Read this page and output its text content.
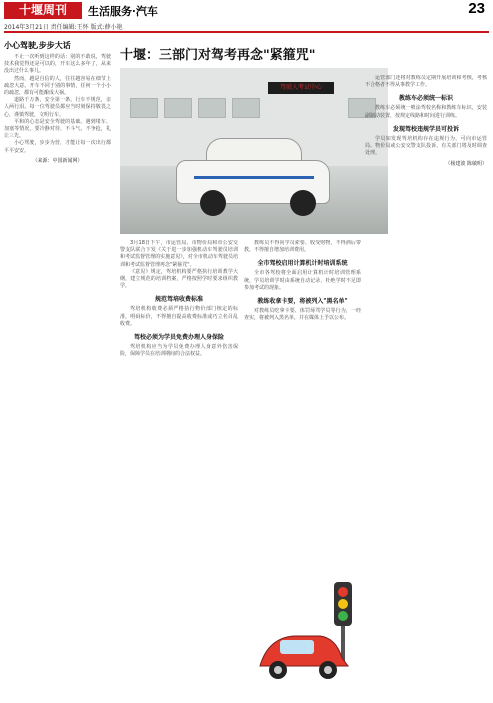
十堰周刊	生活服务·汽车	23
2014年3月21日 责任编辑:王怀 版式:薛小艳
小心驾驶,步步大话

不止一次听到这样的话：别的不敢说，驾驶技术我觉得还是可以的，开车这么多年了，从来没出过什么事儿。

然而，越是自信的人，往往越容易在细节上疏忽大意。开车不同于别的事情，任何一个小小的疏忽，都有可能酿成大祸。

道路千万条，安全第一条。行车不规范，亲人两行泪。每一位驾驶员都应当时刻保持敬畏之心，谨慎驾驶，文明行车。

平和的心态是安全驾驶的基础。遇到堵车、加塞等情况，要冷静对待，不斗气、不争抢，礼让三先。

小心驾驶，步步为营，才能让每一次出行都平平安安。

（来源：中国新闻网）
十堰：三部门对驾考再念"紧箍咒"
驾驶人考试中心

3月18日下午，市运管局、市物价局和市公安交警支队联合下发《关于进一步加强机动车驾驶员培训和考试监督管理的实施意见》，对全市机动车驾驶员培训和考试监督管理再念"紧箍咒"。

《意见》规定，驾培机构要严格执行培训教学大纲，建立规范的培训档案，严格按照学时要求组织教学。

规范驾培收费标准

驾培机构收费必须严格执行物价部门核定的标准，明码标价，不得擅自提高收费标准或巧立名目乱收费。

驾校必须为学员免费办理人身保险

驾培机构应当为学员免费办理人身意外伤害保险，保障学员在培训期间的合法权益。

教练员不得向学员索要、收受财物，不得酒后带教，不得擅自增加培训费用。

全市驾校启用计算机计时培训系统

全市各驾校将全面启用计算机计时培训管理系统，学员培训学时由系统自动记录，杜绝学时不足即参加考试的现象。

教练收拿卡要，将被列入"黑名单"

对教练员吃拿卡要、体罚辱骂学员等行为，一经查实，将被列入黑名单，并在媒体上予以公布。

运管部门还将对教练员定期开展培训和考核，考核不合格者不得从事教学工作。

教练车必须统一标识

教练车必须统一喷涂驾校名称和教练车标识，安装副制动装置，按规定线路和时间进行训练。

发现驾校违规学员可投诉

学员如发现驾培机构存在违规行为，可向市运管局、物价局或公安交警支队投诉，有关部门将及时调查处理。

（杨建波 陈敏明）
